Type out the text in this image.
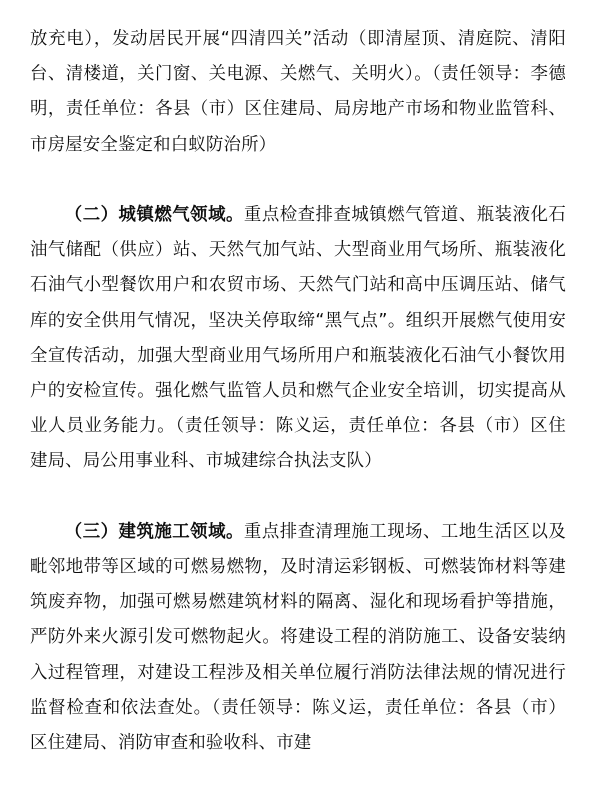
放充电），发动居民开展“四清四关”活动（即清屋顶、清庭院、清阳台、清楼道，关门窗、关电源、关燃气、关明火）。（责任领导：李德明，责任单位：各县（市）区住建局、局房地产市场和物业监管科、市房屋安全鉴定和白蚁防治所）

（二）城镇燃气领域。重点检查排查城镇燃气管道、瓶装液化石油气储配（供应）站、天然气加气站、大型商业用气场所、瓶装液化石油气小型餐饮用户和农贸市场、天然气门站和高中压调压站、储气库的安全供用气情况，坚决关停取缔“黑气点”。组织开展燃气使用安全宣传活动，加强大型商业用气场所用户和瓶装液化石油气小餐饮用户的安检宣传。强化燃气监管人员和燃气企业安全培训，切实提高从业人员业务能力。（责任领导：陈义运，责任单位：各县（市）区住建局、局公用事业科、市城建综合执法支队）

（三）建筑施工领域。重点排查清理施工现场、工地生活区以及毗邻地带等区域的可燃易燃物，及时清运彩钢板、可燃装饰材料等建筑废弃物，加强可燃易燃建筑材料的隔离、湿化和现场看护等措施，严防外来火源引发可燃物起火。将建设工程的消防施工、设备安装纳入过程管理，对建设工程涉及相关单位履行消防法律法规的情况进行监督检查和依法查处。（责任领导：陈义运，责任单位：各县（市）区住建局、消防审查和验收科、市建
